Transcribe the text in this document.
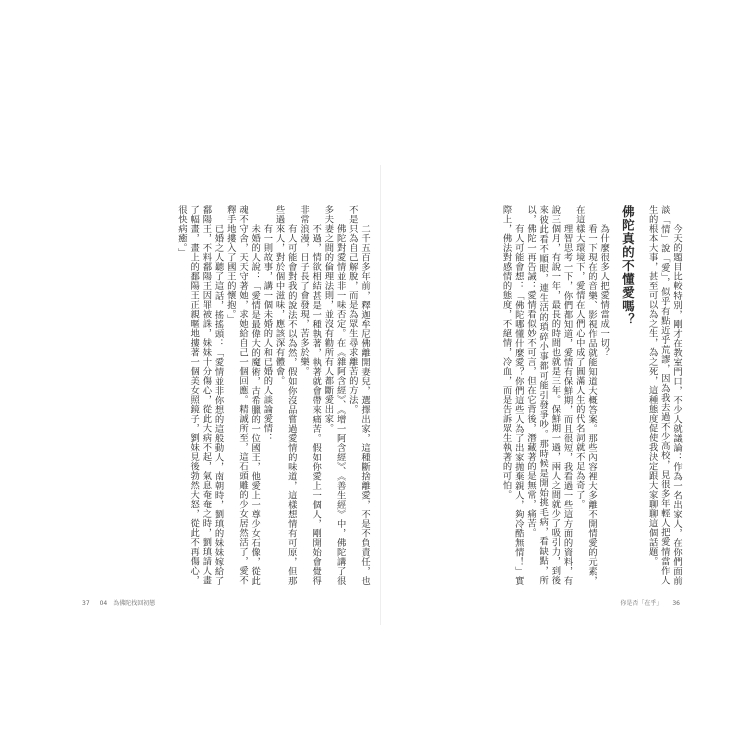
二千五百多年前，釋迦牟尼佛離開妻兒，選擇出家，這種斷捨離愛，不是不負責任，也不是只為自己解脫，而是為眾生尋求離苦的方法。

佛陀對愛情並非一味否定。在《雜阿含經》、《增一阿含經》、《善生經》中，佛陀講了很多夫妻之間的倫理法則，並沒有勸所有人都斷愛出家。

不過，情欲相結甚是一種執著，執著就會帶來痛苦。假如你愛上一個人，剛開始會覺得非常浪漫，日子長了會發現，苦多於樂。

有人可能會對我的說法不以為然，假如你沒品嘗過愛情的味道，這樣想情有可原，但那些過來人，對於個中滋味，應該深有體會。

有一則故事，講一個未婚的人和已婚的人談論愛情：

未婚的人說：「愛情是最偉大的魔術，古希臘的一位國王，他愛上一尊少女石像，從此魂不守舍，天天守著她，求她給自己一個回應。精誠所至，這石頭雕的少女居然活了，愛不釋手地摟入了國王的懷抱。」

已婚之人聽了這話，搖搖頭：「愛情並非你想的這般動人，南朝時，劉瑱的妹妹嫁給了鄱陽王，不料鄱陽王因罪被誅，妹妹十分傷心，從此大病不起，氣息奄奄之時，劉瑱請人畫了幅畫，畫上的鄱陽王正親暱地摟著一個美女照鏡子，劉妹見後勃然大怒，從此不再傷心，很快病癒。」

37 04　為佛陀找回初戀

今天的題目比較特別，剛才在教室門口，不少人就議論：作為一名出家人，在你們面前談「情」說「愛」，似乎有點近乎荒謬，因為我去過不少高校，見很多年輕人把愛情當作人生的根本大事，甚至可以為之生，為之死，這種態度促使我決定跟大家聊聊這個話題。

佛陀真的不懂愛嗎？

為什麼很多人把愛情當成一切？

看一下現在的音樂、影視作品就能知道大概答案。那些內容裡大多離不開情愛的元素，在這樣大環境下，愛情在人們心中成了圓滿人生的代名詞就不足為奇了。

理智思考一下，你們都知道，愛情有保鮮期，而且很短，我看過一些這方面的資料，有說三個月，有說一年，最長的時間也就是三年。保鮮期一過，兩人之間就少了吸引力，到後來彼此看不順眼，連生活的瑣碎小事都可能引發爭吵。那時候是開始挑毛病，看缺點，所以，佛陀一再告誡：愛情看似妙不可言，但在它背後，潛藏著的是無常，痛苦。

有人可能會想：「佛陀哪懂什麼愛？你們這些人為了出家拋棄親人，夠冷酷無情！」實際上，佛法對感情的態度，不絕情，冷血，而是告訴眾生執著的可怕。

你是否「在乎」 36
